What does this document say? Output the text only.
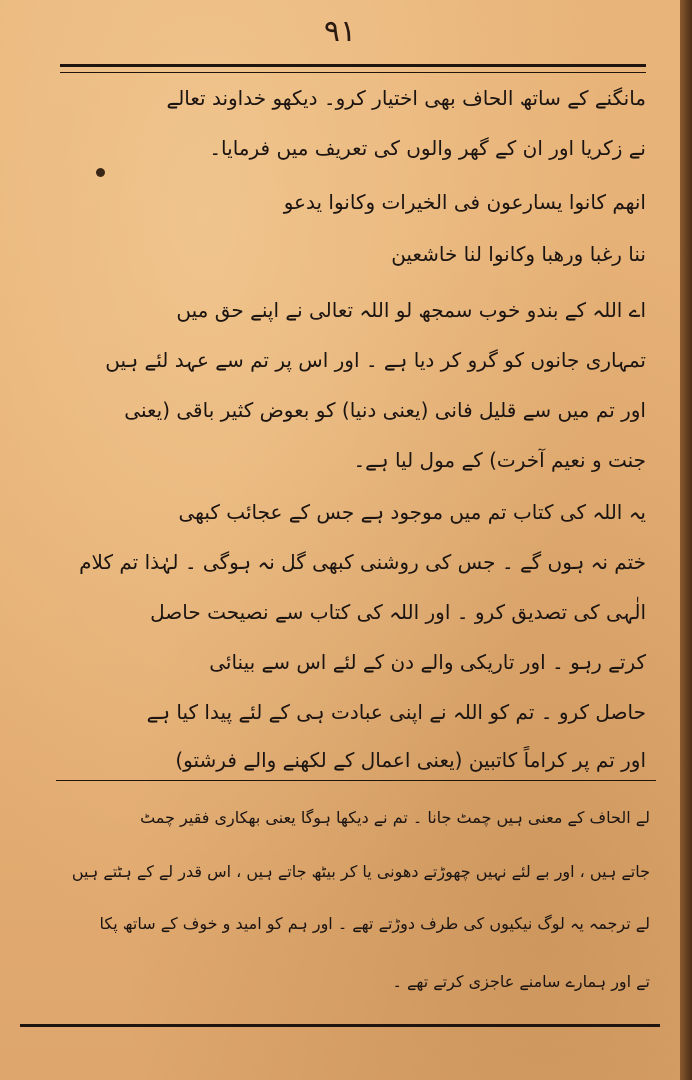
٩١
مانگنے کے ساتھ الحاف بھی اختیار کرو۔ دیکھو خداوند تعالے
نے زکریا اور ان کے گھر والوں کی تعریف میں فرمایا۔
انهم کانوا یسارعون فی الخیرات وکانوا یدعو
ننا رغبا ورھبا وکانوا لنا خاشعین
اے اللہ کے بندو خوب سمجھ لو اللہ تعالی نے اپنے حق میں
تمہاری جانوں کو گرو کر دیا ہے ۔ اور اس پر تم سے عہد لئے ہیں
اور تم میں سے قلیل فانی (یعنی دنیا) کو بعوض کثیر باقی (یعنی
جنت و نعیم آخرت) کے مول لیا ہے۔
یہ اللہ کی کتاب تم میں موجود ہے جس کے عجائب کبھی
ختم نہ ہوں گے ۔ جس کی روشنی کبھی گل نہ ہوگی ۔ لہٰذا تم کلام
الٰہی کی تصدیق کرو ۔ اور اللہ کی کتاب سے نصیحت حاصل
کرتے رہو ۔ اور تاریکی والے دن کے لئے اس سے بینائی
حاصل کرو ۔ تم کو اللہ نے اپنی عبادت ہی کے لئے پیدا کیا ہے
اور تم پر کراماً کاتبین (یعنی اعمال کے لکھنے والے فرشتو)
لے الحاف کے معنی ہیں چمٹ جانا ۔ تم نے دیکھا ہوگا یعنی بھکاری فقیر چمٹ
جاتے ہیں ، اور بے لئے نہیں چھوڑتے دھونی یا کر بیٹھ جاتے ہیں ، اس قدر لے کے ہٹتے ہیں
لے ترجمہ یہ لوگ نیکیوں کی طرف دوڑتے تھے ۔ اور ہم کو امید و خوف کے ساتھ پکا
تے اور ہمارے سامنے عاجزی کرتے تھے ۔
